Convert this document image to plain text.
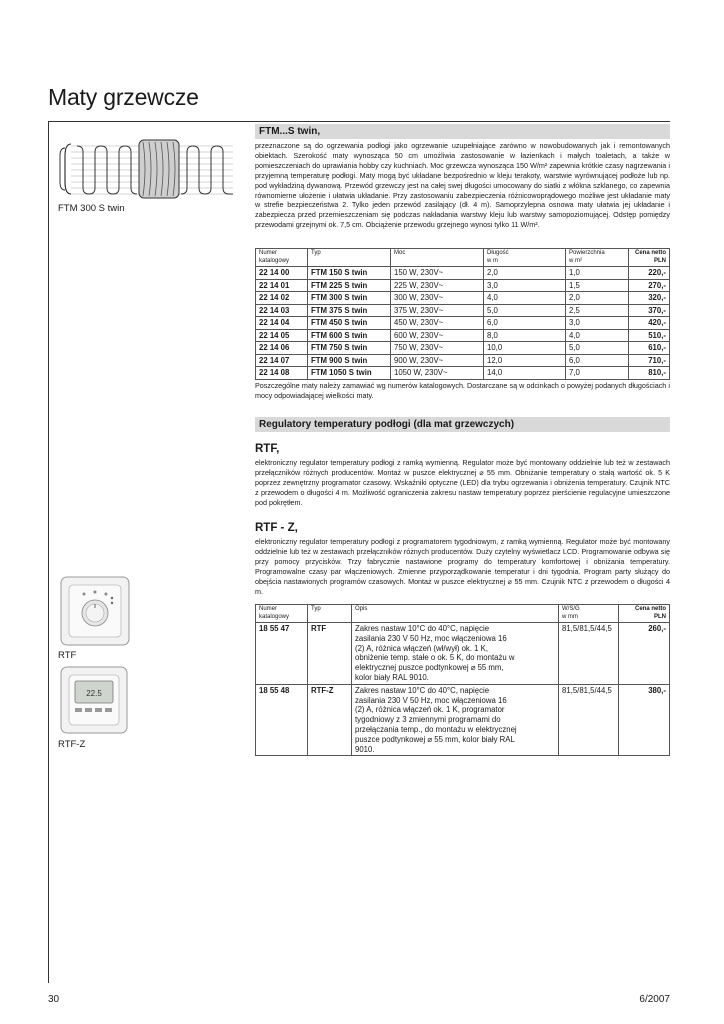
Maty grzewcze
FTM 300 S twin
RTF
22.5
RTF-Z
FTM...S twin,

przeznaczone są do ogrzewania podłogi jako ogrzewanie uzupełniające zarówno w nowobudowanych jak i remontowanych obiektach. Szerokość maty wynosząca 50 cm umożliwia zastosowanie w łazienkach i małych toaletach, a także w pomieszczeniach do uprawiania hobby czy kuchniach. Moc grzewcza wynosząca 150 W/m² zapewnia krótkie czasy nagrzewania i przyjemną temperaturę podłogi. Maty mogą być układane bezpośrednio w kleju terakoty, warstwie wyrównującej podłoże lub np. pod wykładziną dywanową. Przewód grzewczy jest na całej swej długości umocowany do siatki z włókna szklanego, co zapewnia równomierne ułożenie i ułatwia układanie. Przy zastosowaniu zabezpieczenia różnicowoprądowego możliwe jest układanie maty w strefie bezpieczeństwa 2. Tylko jeden przewód zasilający (dł. 4 m). Samoprzylepna osnowa maty ułatwia jej układanie i zabezpiecza przed przemieszczeniam się podczas nakładania warstwy kleju lub warstwy samopoziomującej. Odstęp pomiędzy przewodami grzejnymi ok. 7,5 cm. Obciążenie przewodu grzejnego wynosi tylko 11 W/m².

Numer
katalogowy	Typ	Moc	Długość
w m	Powierzchnia
w m²	Cena netto
PLN
22 14 00	FTM 150 S twin	150 W, 230V~	2,0	1,0	220,-
22 14 01	FTM 225 S twin	225 W, 230V~	3,0	1,5	270,-
22 14 02	FTM 300 S twin	300 W, 230V~	4,0	2,0	320,-
22 14 03	FTM 375 S twin	375 W, 230V~	5,0	2,5	370,-
22 14 04	FTM 450 S twin	450 W, 230V~	6,0	3,0	420,-
22 14 05	FTM 600 S twin	600 W, 230V~	8,0	4,0	510,-
22 14 06	FTM 750 S twin	750 W, 230V~	10,0	5,0	610,-
22 14 07	FTM 900 S twin	900 W, 230V~	12,0	6,0	710,-
22 14 08	FTM 1050 S twin	1050 W, 230V~	14,0	7,0	810,-

Poszczególne maty należy zamawiać wg numerów katalogowych. Dostarczane są w odcinkach o powyżej podanych długościach i mocy odpowiadającej wielkości maty.

Regulatory temperatury podłogi (dla mat grzewczych)
RTF,

elektroniczny regulator temperatury podłogi z ramką wymienną. Regulator może być montowany oddzielnie lub też w zestawach przełączników różnych producentów. Montaż w puszce elektrycznej ⌀ 55 mm. Obniżanie temperatury o stałą wartość ok. 5 K poprzez zewnętrzny programator czasowy. Wskaźniki optyczne (LED) dla trybu ogrzewania i obniżenia temperatury. Czujnik NTC z przewodem o długości 4 m. Możliwość ograniczenia zakresu nastaw temperatury poprzez pierścienie regulacyjne umieszczone pod pokrętłem.

RTF - Z,

elektroniczny regulator temperatury podłogi z programatorem tygodniowym, z ramką wymienną. Regulator może być montowany oddzielnie lub też w zestawach przełączników różnych producentów. Duży czytelny wyświetlacz LCD. Programowanie odbywa się przy pomocy przycisków. Trzy fabrycznie nastawione programy do temperatury komfortowej i obniżania temperatury. Programowalne czasy par włączeniowych. Zmienne przyporządkowanie temperatur i dni tygodnia. Program party służący do obejścia nastawionych programów czasowych. Montaż w puszce elektrycznej ⌀ 55 mm. Czujnik NTC z przewodem o długości 4 m.

Numer
katalogowy	Typ	Opis	W/S/G
w mm	Cena netto
PLN
18 55 47	RTF	Zakres nastaw 10°C do 40°C, napięcie zasilania 230 V 50 Hz, moc włączeniowa 16 (2) A, różnica włączeń (wł/wył) ok. 1 K, obniżenie temp. stałe o ok. 5 K, do montażu w elektrycznej puszce podtynkowej ⌀ 55 mm, kolor biały RAL 9010.	81,5/81,5/44,5	260,-
18 55 48	RTF-Z	Zakres nastaw 10°C do 40°C, napięcie zasilania 230 V 50 Hz, moc włączeniowa 16 (2) A, różnica włączeń ok. 1 K, programator tygodniowy z 3 zmiennymi programami do przełączania temp., do montażu w elektrycznej puszce podtynkowej ⌀ 55 mm, kolor biały RAL 9010.	81,5/81,5/44,5	380,-
30	6/2007
